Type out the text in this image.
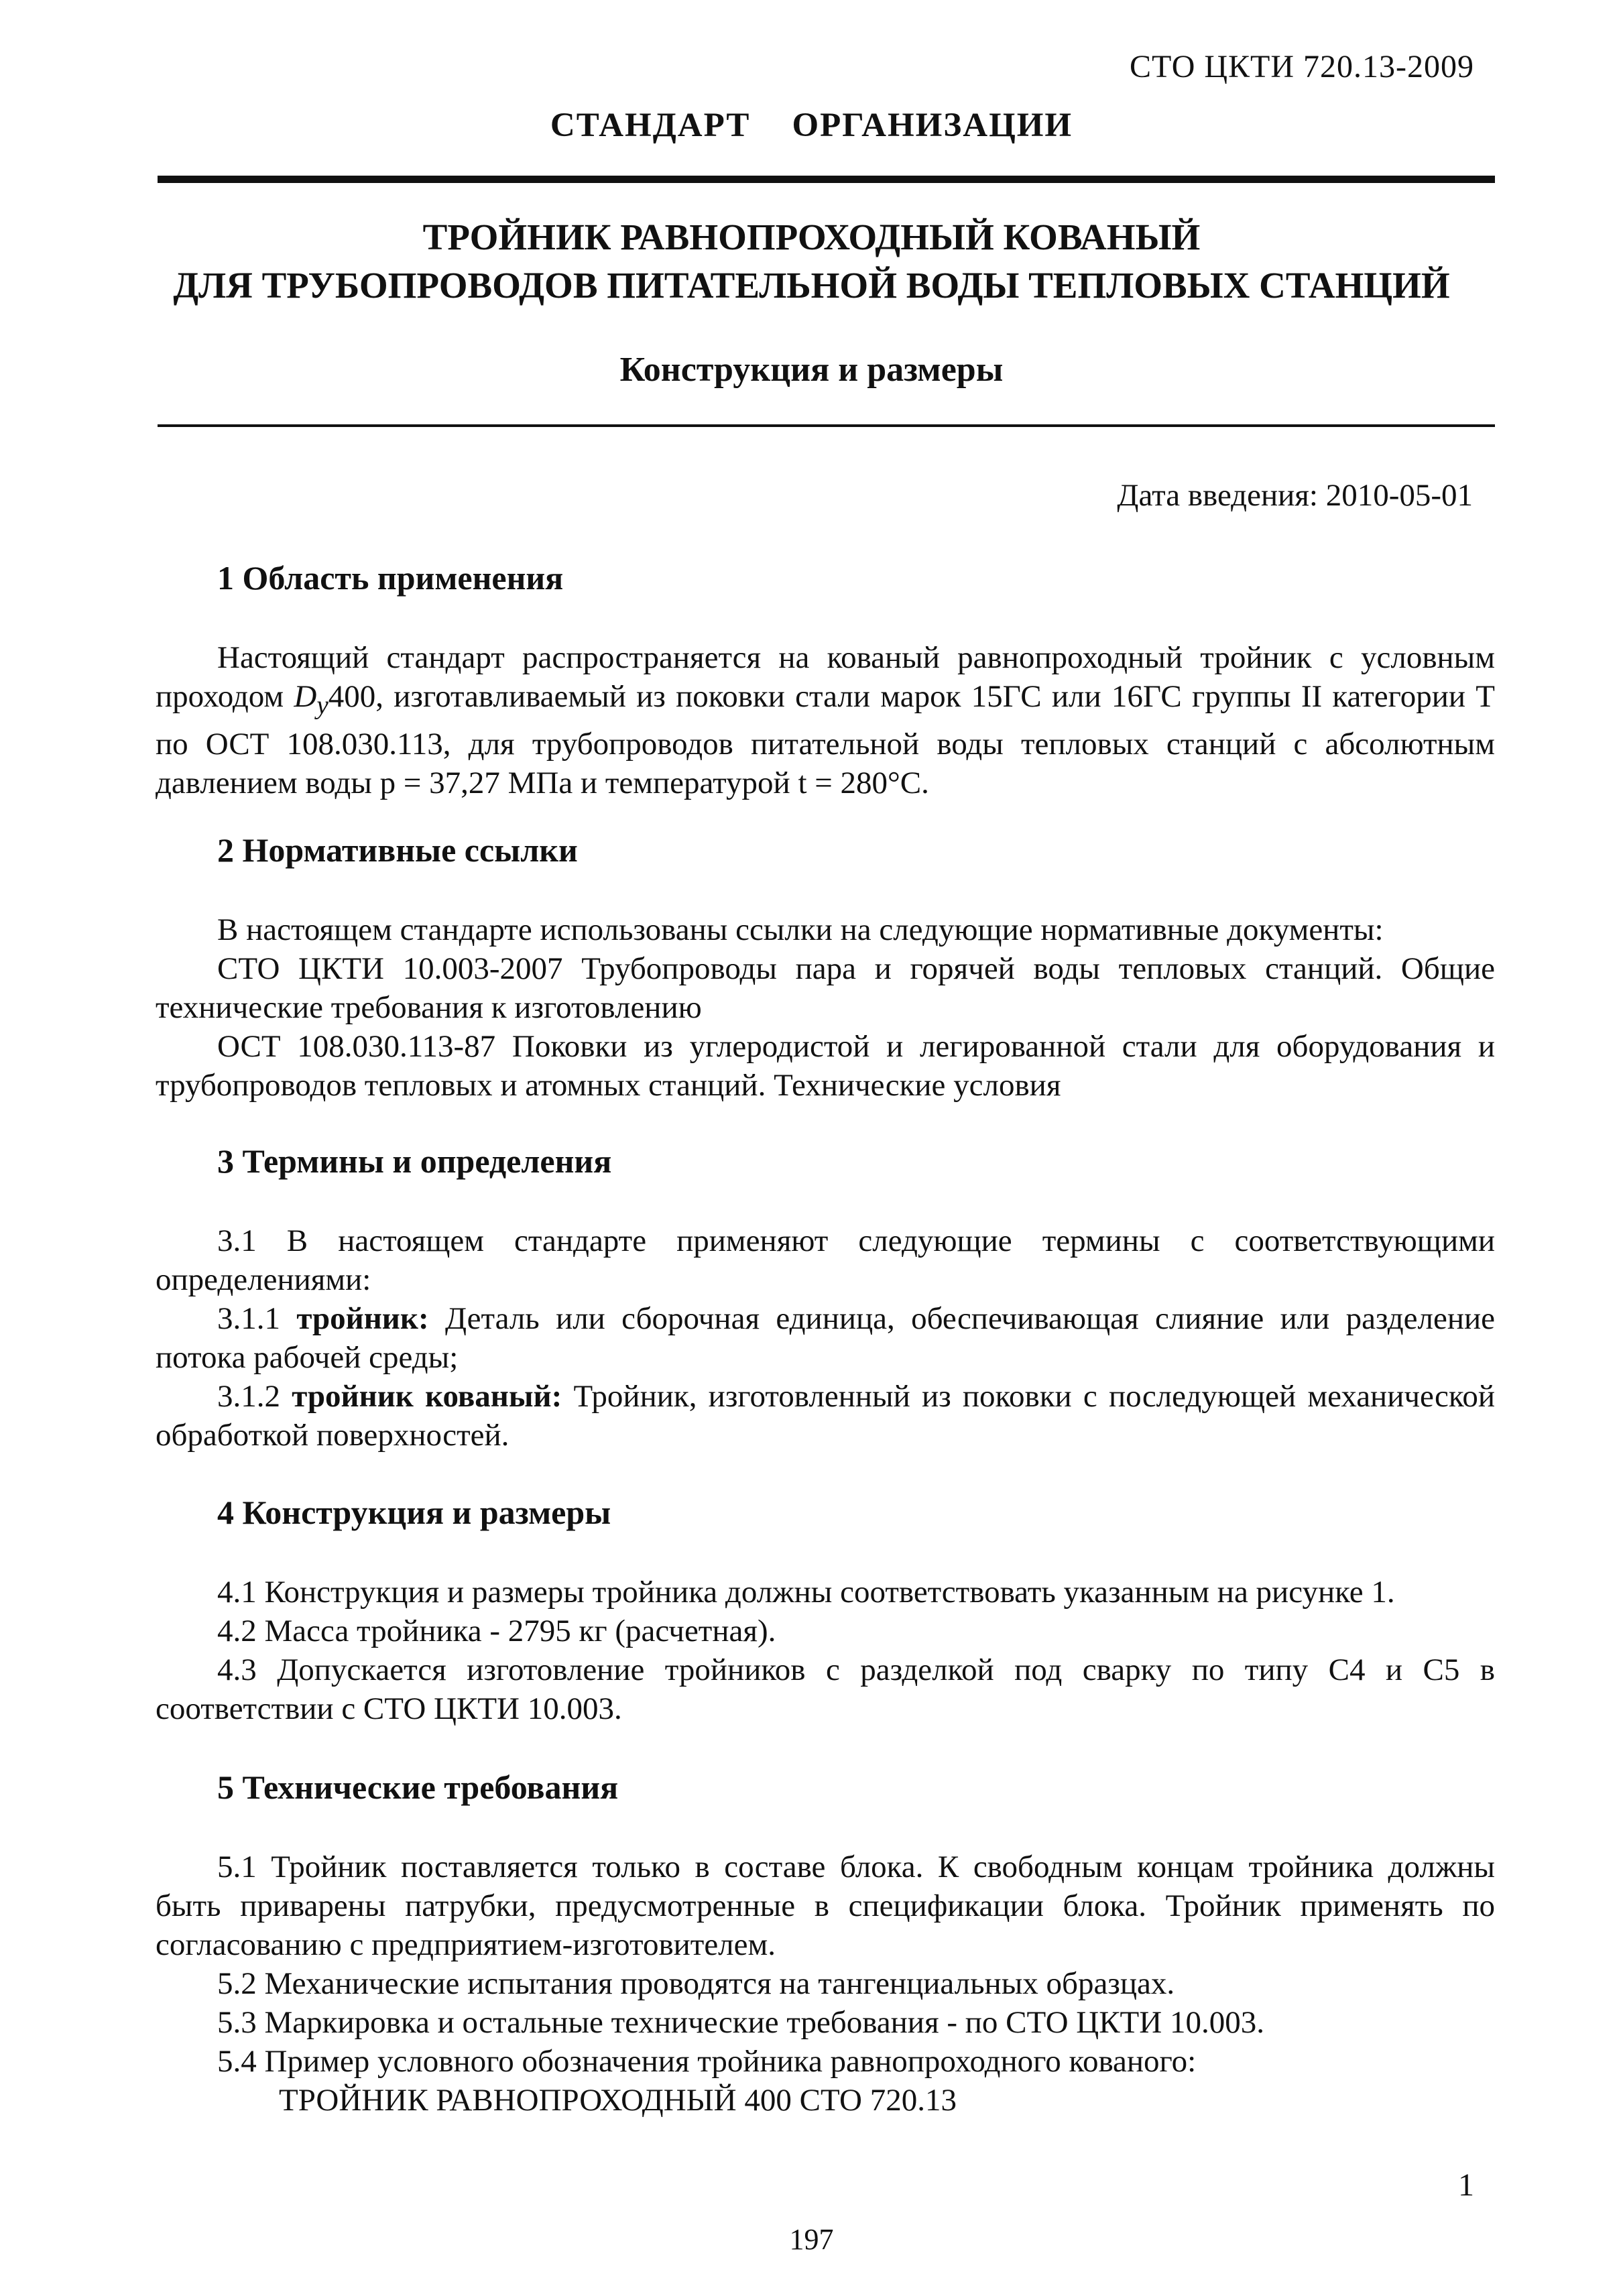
СТО ЦКТИ 720.13-2009
СТАНДАРТ ОРГАНИЗАЦИИ
ТРОЙНИК РАВНОПРОХОДНЫЙ КОВАНЫЙ
ДЛЯ ТРУБОПРОВОДОВ ПИТАТЕЛЬНОЙ ВОДЫ ТЕПЛОВЫХ СТАНЦИЙ
Конструкция и размеры
Дата введения: 2010-05-01
1 Область применения

Настоящий стандарт распространяется на кованый равнопроходный тройник с условным проходом $D_y400$, изготавливаемый из поковки стали марок 15ГС или 16ГС группы II категории Т по ОСТ 108.030.113, для трубопроводов питательной воды тепловых станций с абсолютным давлением воды p = 37,27 МПа и температурой t = 280°С.

2 Нормативные ссылки

В настоящем стандарте использованы ссылки на следующие нормативные документы:

СТО ЦКТИ 10.003-2007 Трубопроводы пара и горячей воды тепловых станций. Общие технические требования к изготовлению

ОСТ 108.030.113-87 Поковки из углеродистой и легированной стали для оборудования и трубопроводов тепловых и атомных станций. Технические условия

3 Термины и определения

3.1 В настоящем стандарте применяют следующие термины с соответствующими определениями:

3.1.1 тройник: Деталь или сборочная единица, обеспечивающая слияние или разделение потока рабочей среды;

3.1.2 тройник кованый: Тройник, изготовленный из поковки с последующей механической обработкой поверхностей.

4 Конструкция и размеры

4.1 Конструкция и размеры тройника должны соответствовать указанным на рисунке 1.

4.2 Масса тройника - 2795 кг (расчетная).

4.3 Допускается изготовление тройников с разделкой под сварку по типу С4 и С5 в соответствии с СТО ЦКТИ 10.003.

5 Технические требования

5.1 Тройник поставляется только в составе блока. К свободным концам тройника должны быть приварены патрубки, предусмотренные в спецификации блока. Тройник применять по согласованию с предприятием-изготовителем.

5.2 Механические испытания проводятся на тангенциальных образцах.

5.3 Маркировка и остальные технические требования - по СТО ЦКТИ 10.003.

5.4 Пример условного обозначения тройника равнопроходного кованого:

ТРОЙНИК РАВНОПРОХОДНЫЙ 400 СТО 720.13

1
197
